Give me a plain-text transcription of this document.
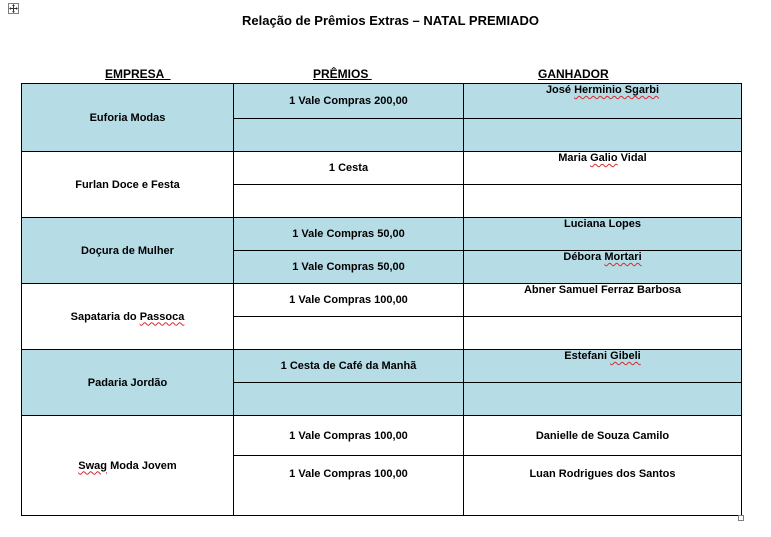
Relação de Prêmios Extras – NATAL PREMIADO
EMPRESA	PRÊMIOS	GANHADOR
Euforia Modas	1 Vale Compras 200,00	José Herminio Sgarbi

Furlan Doce e Festa	1 Cesta	Maria Galio Vidal

Doçura de Mulher	1 Vale Compras 50,00	Luciana Lopes
	1 Vale Compras 50,00	Débora Mortari
Sapataria do Passoca	1 Vale Compras 100,00	Abner Samuel Ferraz Barbosa

Padaria Jordão	1 Cesta de Café da Manhã	Estefani Gibeli

Swag Moda Jovem	1 Vale Compras 100,00	Danielle de Souza Camilo
	1 Vale Compras 100,00	Luan Rodrigues dos Santos
